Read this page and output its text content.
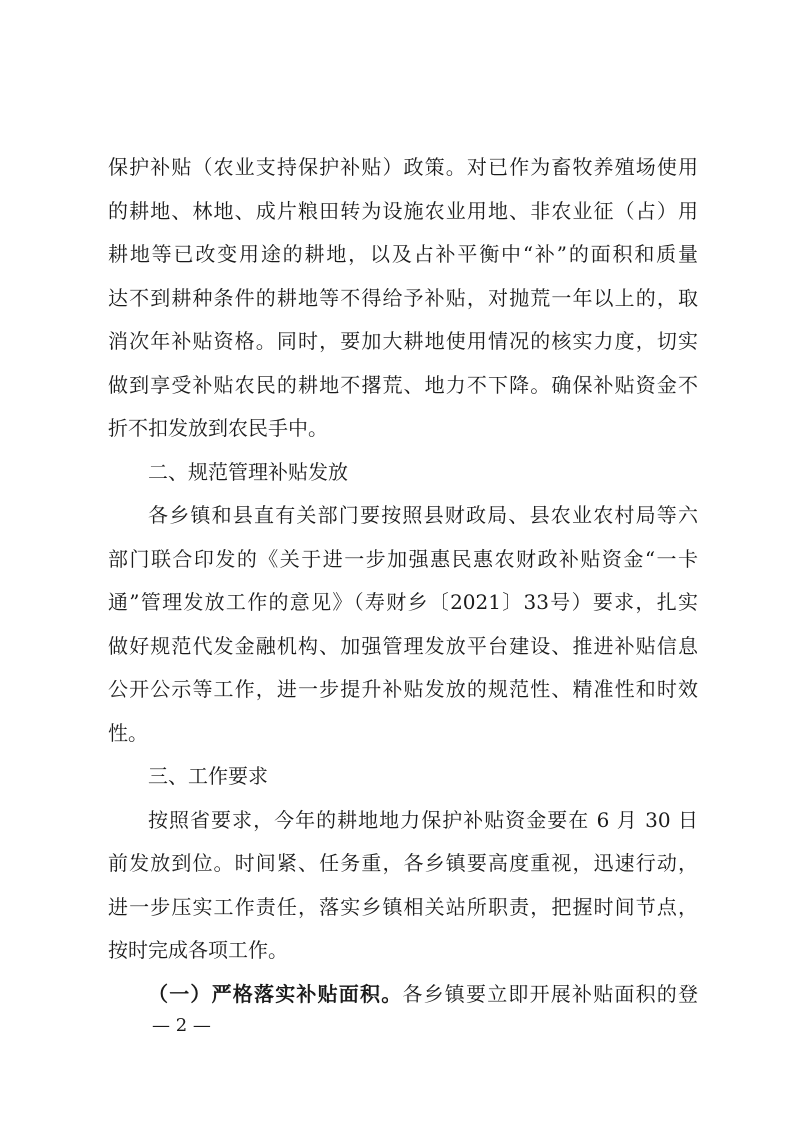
保护补贴（农业支持保护补贴）政策。对已作为畜牧养殖场使用
的耕地、林地、成片粮田转为设施农业用地、非农业征（占）用
耕地等已改变用途的耕地，以及占补平衡中“补”的面积和质量
达不到耕种条件的耕地等不得给予补贴，对抛荒一年以上的，取
消次年补贴资格。同时，要加大耕地使用情况的核实力度，切实
做到享受补贴农民的耕地不撂荒、地力不下降。确保补贴资金不
折不扣发放到农民手中。
二、规范管理补贴发放
各乡镇和县直有关部门要按照县财政局、县农业农村局等六
部门联合印发的《关于进一步加强惠民惠农财政补贴资金“一卡
通”管理发放工作的意见》（寿财乡〔2021〕33号）要求，扎实
做好规范代发金融机构、加强管理发放平台建设、推进补贴信息
公开公示等工作，进一步提升补贴发放的规范性、精准性和时效
性。
三、工作要求
按照省要求，今年的耕地地力保护补贴资金要在 6 月 30 日
前发放到位。时间紧、任务重，各乡镇要高度重视，迅速行动，
进一步压实工作责任，落实乡镇相关站所职责，把握时间节点，
按时完成各项工作。
（一）严格落实补贴面积。各乡镇要立即开展补贴面积的登
— 2 —
